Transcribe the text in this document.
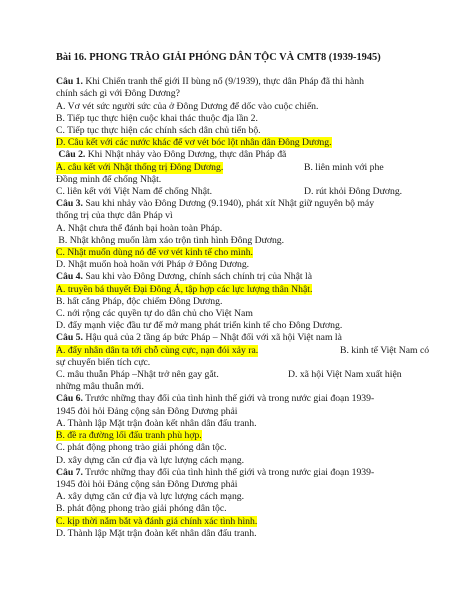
Bài 16. PHONG TRÀO GIẢI PHÓNG DÂN TỘC VÀ CMT8 (1939-1945)
Câu 1. Khi Chiến tranh thế giới II bùng nổ (9/1939), thực dân Pháp đã thi hành
chính sách gì với Đông Dương?
A. Vơ vét sức người sức của ở Đông Dương để dốc vào cuộc chiến.
B. Tiếp tục thực hiện cuộc khai thác thuộc địa lần 2.
C. Tiếp tục thực hiện các chính sách dân chủ tiến bộ.
D. Câu kết với các nước khác để vơ vét bóc lột nhân dân Đông Dương.
Câu 2. Khi Nhật nhảy vào Đông Dương, thực dân Pháp đã
A. câu kết với Nhật thống trị Đông Dương.	B. liên minh với phe
Đồng minh để chống Nhật.
C. liên kết với Việt Nam để chống Nhật.	D. rút khỏi Đông Dương.
Câu 3. Sau khi nhảy vào Đông Dương (9.1940), phát xít Nhật giữ nguyên bộ máy
thống trị của thực dân Pháp vì
A. Nhật chưa thể đánh bại hoàn toàn Pháp.
B. Nhật không muốn làm xáo trộn tình hình Đông Dương.
C. Nhật muốn dùng nó để vơ vét kinh tế cho mình.
D. Nhật muốn hoà hoãn với Pháp ở Đông Dương.
Câu 4. Sau khi vào Đông Dương, chính sách chính trị của Nhật là
A. truyền bá thuyết Đại Đông Á, tập hợp các lực lượng thân Nhật.
B. hất cẳng Pháp, độc chiếm Đông Dương.
C. nới rộng các quyền tự do dân chủ cho Việt Nam
D. đẩy mạnh việc đầu tư để mở mang phát triển kinh tế cho Đông Dương.
Câu 5. Hậu quả của 2 tầng áp bức Pháp – Nhật đối với xã hội Việt nam là
A. đẩy nhân dân ta tới chỗ cùng cực, nạn đói xảy ra.	B. kinh tế Việt Nam có
sự chuyển biến tích cực.
C. mâu thuẫn Pháp –Nhật trở nên gay gắt.	D. xã hội Việt Nam xuất hiện
những mâu thuẫn mới.
Câu 6. Trước những thay đổi của tình hình thế giới và trong nước giai đoạn 1939-
1945 đòi hỏi Đảng cộng sản Đông Dương phải
A. Thành lập Mặt trận đoàn kết nhân dân đấu tranh.
B. đề ra đường lối đấu tranh phù hợp.
C. phát động phong trào giải phóng dân tộc.
D. xây dựng căn cứ địa và lực lượng cách mạng.
Câu 7. Trước những thay đổi của tình hình thế giới và trong nước giai đoạn 1939-
1945 đòi hỏi Đảng cộng sản Đông Dương phải
A. xây dựng căn cứ địa và lực lượng cách mạng.
B. phát động phong trào giải phóng dân tộc.
C. kịp thời nắm bắt và đánh giá chính xác tình hình.
D. Thành lập Mặt trận đoàn kết nhân dân đấu tranh.
